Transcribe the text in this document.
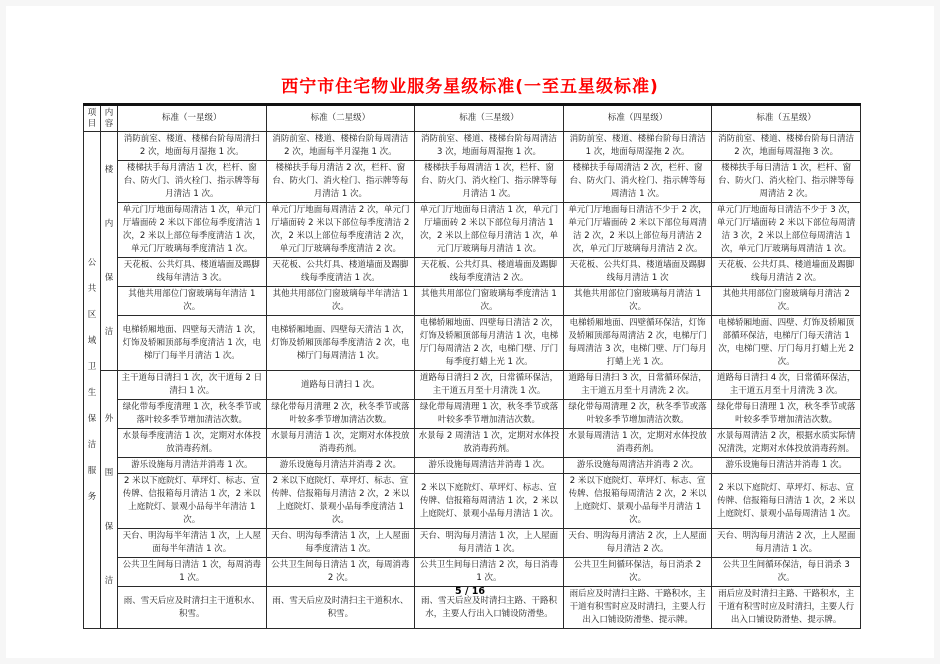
西宁市住宅物业服务星级标准(一至五星级标准)
项目	内容	标准（一星级）	标准（二星级）	标准（三星级）	标准（四星级）	标准（五星级）

公共区域卫生保洁服务	楼内保洁	消防前室、楼道、楼梯台阶每周清扫 2 次，地面每月湿拖 1 次。	消防前室、楼道、楼梯台阶每周清洁 2 次，地面每半月湿拖 1 次。	消防前室、楼道、楼梯台阶每周清洁 3 次，地面每周湿拖 1 次。	消防前室、楼道、楼梯台阶每日清洁 1 次，地面每周湿拖 2 次。	消防前室、楼道、楼梯台阶每日清洁 2 次，地面每周湿拖 3 次。
		楼梯扶手每月清洁 1 次，栏杆、窗台、防火门、消火栓门、指示牌等每月清洁 1 次。	楼梯扶手每月清洁 2 次，栏杆、窗台、防火门、消火栓门、指示牌等每月清洁 1 次。	楼梯扶手每周清洁 1 次，栏杆、窗台、防火门、消火栓门、指示牌等每月清洁 1 次。	楼梯扶手每周清洁 2 次，栏杆、窗台、防火门、消火栓门、指示牌等每周清洁 1 次。	楼梯扶手每日清洁 1 次，栏杆、窗台、防火门、消火栓门、指示牌等每周清洁 2 次。
		单元门厅地面每周清洁 1 次，单元门厅墙面砖 2 米以下部位每季度清洁 1 次，2 米以上部位每季度清洁 1 次，单元门厅玻璃每季度清洁 1 次。	单元门厅地面每周清洁 2 次，单元门厅墙面砖 2 米以下部位每季度清洁 2 次，2 米以上部位每季度清洁 2 次，单元门厅玻璃每季度清洁 2 次。	单元门厅地面每日清洁 1 次，单元门厅墙面砖 2 米以下部位每月清洁 1 次，2 米以上部位每月清洁 1 次，单元门厅玻璃每月清洁 1 次。	单元门厅地面每日清洁不少于 2 次，单元门厅墙面砖 2 米以下部位每周清洁 2 次，2 米以上部位每月清洁 2 次，单元门厅玻璃每月清洁 2 次。	单元门厅地面每日清洁不少于 3 次，单元门厅墙面砖 2 米以下部位每周清洁 3 次，2 米以上部位每周清洁 1 次，单元门厅玻璃每周清洁 1 次。
		天花板、公共灯具、楼道墙面及踢脚线每年清洁 3 次。	天花板、公共灯具、楼道墙面及踢脚线每季度清洁 1 次。	天花板、公共灯具、楼道墙面及踢脚线每季度清洁 2 次。	天花板、公共灯具、楼道墙面及踢脚线每月清洁 1 次	天花板、公共灯具、楼道墙面及踢脚线每月清洁 2 次。
		其他共用部位门窗玻璃每年清洁 1 次。	其他共用部位门窗玻璃每半年清洁 1 次。	其他共用部位门窗玻璃每季度清洁 1 次。	其他共用部位门窗玻璃每月清洁 1 次。	其他共用部位门窗玻璃每月清洁 2 次。
		电梯轿厢地面、四壁每天清洁 1 次，灯饰及轿厢顶部每季度清洁 1 次，电梯厅门每半月清洁 1 次。	电梯轿厢地面、四壁每天清洁 1 次，灯饰及轿厢顶部每季度清洁 2 次，电梯厅门每周清洁 1 次。	电梯轿厢地面、四壁每日清洁 2 次，灯饰及轿厢顶部每月清洁 1 次，电梯厅门每周清洁 2 次，电梯门壁、厅门每季度打蜡上光 1 次。	电梯轿厢地面、四壁循环保洁，灯饰及轿厢顶部每周清洁 2 次，电梯厅门每周清洁 3 次，电梯门壁、厅门每月打蜡上光 1 次。	电梯轿厢地面、四壁、灯饰及轿厢顶部循环保洁，电梯厅门每天清洁 1 次，电梯门壁、厅门每月打蜡上光 2 次。

	外围保洁	主干道每日清扫 1 次，次干道每 2 日清扫 1 次。	道路每日清扫 1 次。	道路每日清扫 2 次，日常循环保洁，主干道五月至十月清洗 1 次。	道路每日清扫 3 次，日常循环保洁，主干道五月至十月清洗 2 次。	道路每日清扫 4 次，日常循环保洁，主干道五月至十月清洗 3 次。
		绿化带每季度清理 1 次，秋冬季节或落叶较多季节增加清洁次数。	绿化带每月清理 2 次，秋冬季节或落叶较多季节增加清洁次数。	绿化带每周清理 1 次，秋冬季节或落叶较多季节增加清洁次数。	绿化带每周清理 2 次，秋冬季节或落叶较多季节增加清洁次数。	绿化带每日清理 1 次，秋冬季节或落叶较多季节增加清洁次数。
		水景每季度清洁 1 次，定期对水体投放消毒药剂。	水景每月清洁 1 次，定期对水体投放消毒药剂。	水景每 2 周清洁 1 次，定期对水体投放消毒药剂。	水景每周清洁 1 次，定期对水体投放消毒药剂。	水景每周清洁 2 次，根据水质实际情况清洗，定期对水体投放消毒药剂。
		游乐设施每月清洁并消毒 1 次。	游乐设施每月清洁并消毒 2 次。	游乐设施每周清洁并消毒 1 次。	游乐设施每周清洁并消毒 2 次。	游乐设施每日清洁并消毒 1 次。
		2 米以下庭院灯、草坪灯、标志、宣传牌、信报箱每月清洁 1 次，2 米以上庭院灯、景观小品每半年清洁 1 次。	2 米以下庭院灯、草坪灯、标志、宣传牌、信报箱每月清洁 2 次，2 米以上庭院灯、景观小品每季度清洁 1 次。	2 米以下庭院灯、草坪灯、标志、宣传牌、信报箱每周清洁 1 次，2 米以上庭院灯、景观小品每月清洁 1 次。	2 米以下庭院灯、草坪灯、标志、宣传牌、信报箱每周清洁 2 次，2 米以上庭院灯、景观小品每半月清洁 1 次。	2 米以下庭院灯、草坪灯、标志、宣传牌、信报箱每日清洁 1 次，2 米以上庭院灯、景观小品每周清洁 1 次。
		天台、明沟每半年清洁 1 次，上人屋面每半年清洁 1 次。	天台、明沟每季清洁 1 次，上人屋面每季度清洁 1 次。	天台、明沟每月清洁 1 次，上人屋面每月清洁 1 次。	天台、明沟每月清洁 2 次，上人屋面每月清洁 2 次。	天台、明沟每月清洁 2 次，上人屋面每月清洁 1 次。
		公共卫生间每日清洁 1 次，每周消毒 1 次。	公共卫生间每日清洁 1 次，每周消毒 2 次。	公共卫生间每日清洁 2 次，每日消毒 1 次。	公共卫生间循环保洁，每日消杀 2 次。	公共卫生间循环保洁，每日消杀 3 次。
		雨、雪天后应及时清扫主干道积水、积雪。	雨、雪天后应及时清扫主干道积水、积雪。	雨、雪天后应及时清扫主路、干路积水，主要人行出入口铺设防滑垫。	雨后应及时清扫主路、干路积水，主干道有积雪时应及时清扫，主要人行出入口铺设防滑垫、提示牌。	雨后应及时清扫主路、干路积水，主干道有积雪时应及时清扫，主要人行出入口铺设防滑垫、提示牌。
5 / 16
